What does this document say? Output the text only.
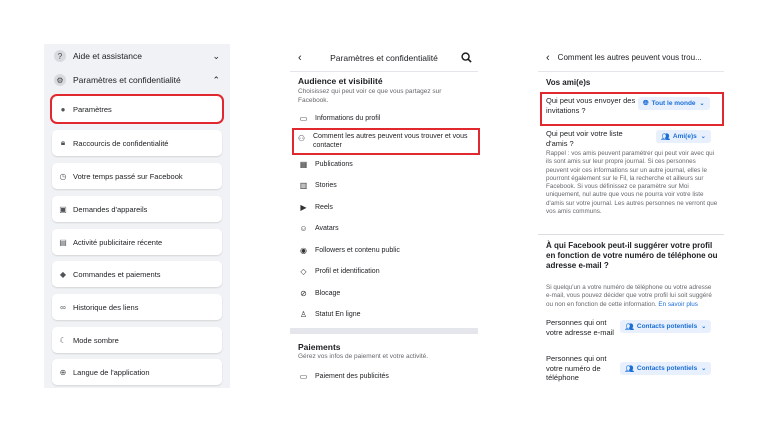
?	Aide et assistance	⌄
⚙ Paramètres et confidentialité	⌃
●	Paramètres
🔒︎	Raccourcis de confidentialité
◷ Votre temps passé sur Facebook
▣ Demandes d'appareils
▤ Activité publicitaire récente
◆ Commandes et paiements
∞ Historique des liens
☾ Mode sombre
⊕ Langue de l'application
‹	Paramètres et confidentialité
Audience et visibilité
Choisissez qui peut voir ce que vous partagez sur Facebook.
▭ Informations du profil
⚇ Comment les autres peuvent vous trouver et vous contacter
▦ Publications
▥ Stories
▶	Reels
☺ Avatars
◉ Followers et contenu public
◇	Profil et identification
⊘	Blocage
♙ Statut En ligne
Paiements
Gérez vos infos de paiement et votre activité.
▭ Paiement des publicités
‹ Comment les autres peuvent vous trou...
Vos ami(e)s
Qui peut vous envoyer des invitations ?
🌐︎ Tout le monde ⌄
Qui peut voir votre liste d'amis ?
👥︎ Ami(e)s ⌄
Rappel : vos amis peuvent paramétrer qui peut voir avec qui ils sont amis sur leur propre journal. Si ces personnes peuvent voir ces informations sur un autre journal, elles le pourront également sur le Fil, la recherche et ailleurs sur Facebook. Si vous définissez ce paramètre sur Moi uniquement, nul autre que vous ne pourra voir votre liste d'amis sur votre journal. Les autres personnes ne verront que vos amis communs.
À qui Facebook peut-il suggérer votre profil en fonction de votre numéro de téléphone ou adresse e-mail ?
Si quelqu'un a votre numéro de téléphone ou votre adresse e-mail, vous pouvez décider que votre profil lui soit suggéré ou non en fonction de cette information. En savoir plus
Personnes qui ont votre adresse e-mail
👥︎ Contacts potentiels ⌄
Personnes qui ont votre numéro de téléphone
👥︎ Contacts potentiels ⌄
